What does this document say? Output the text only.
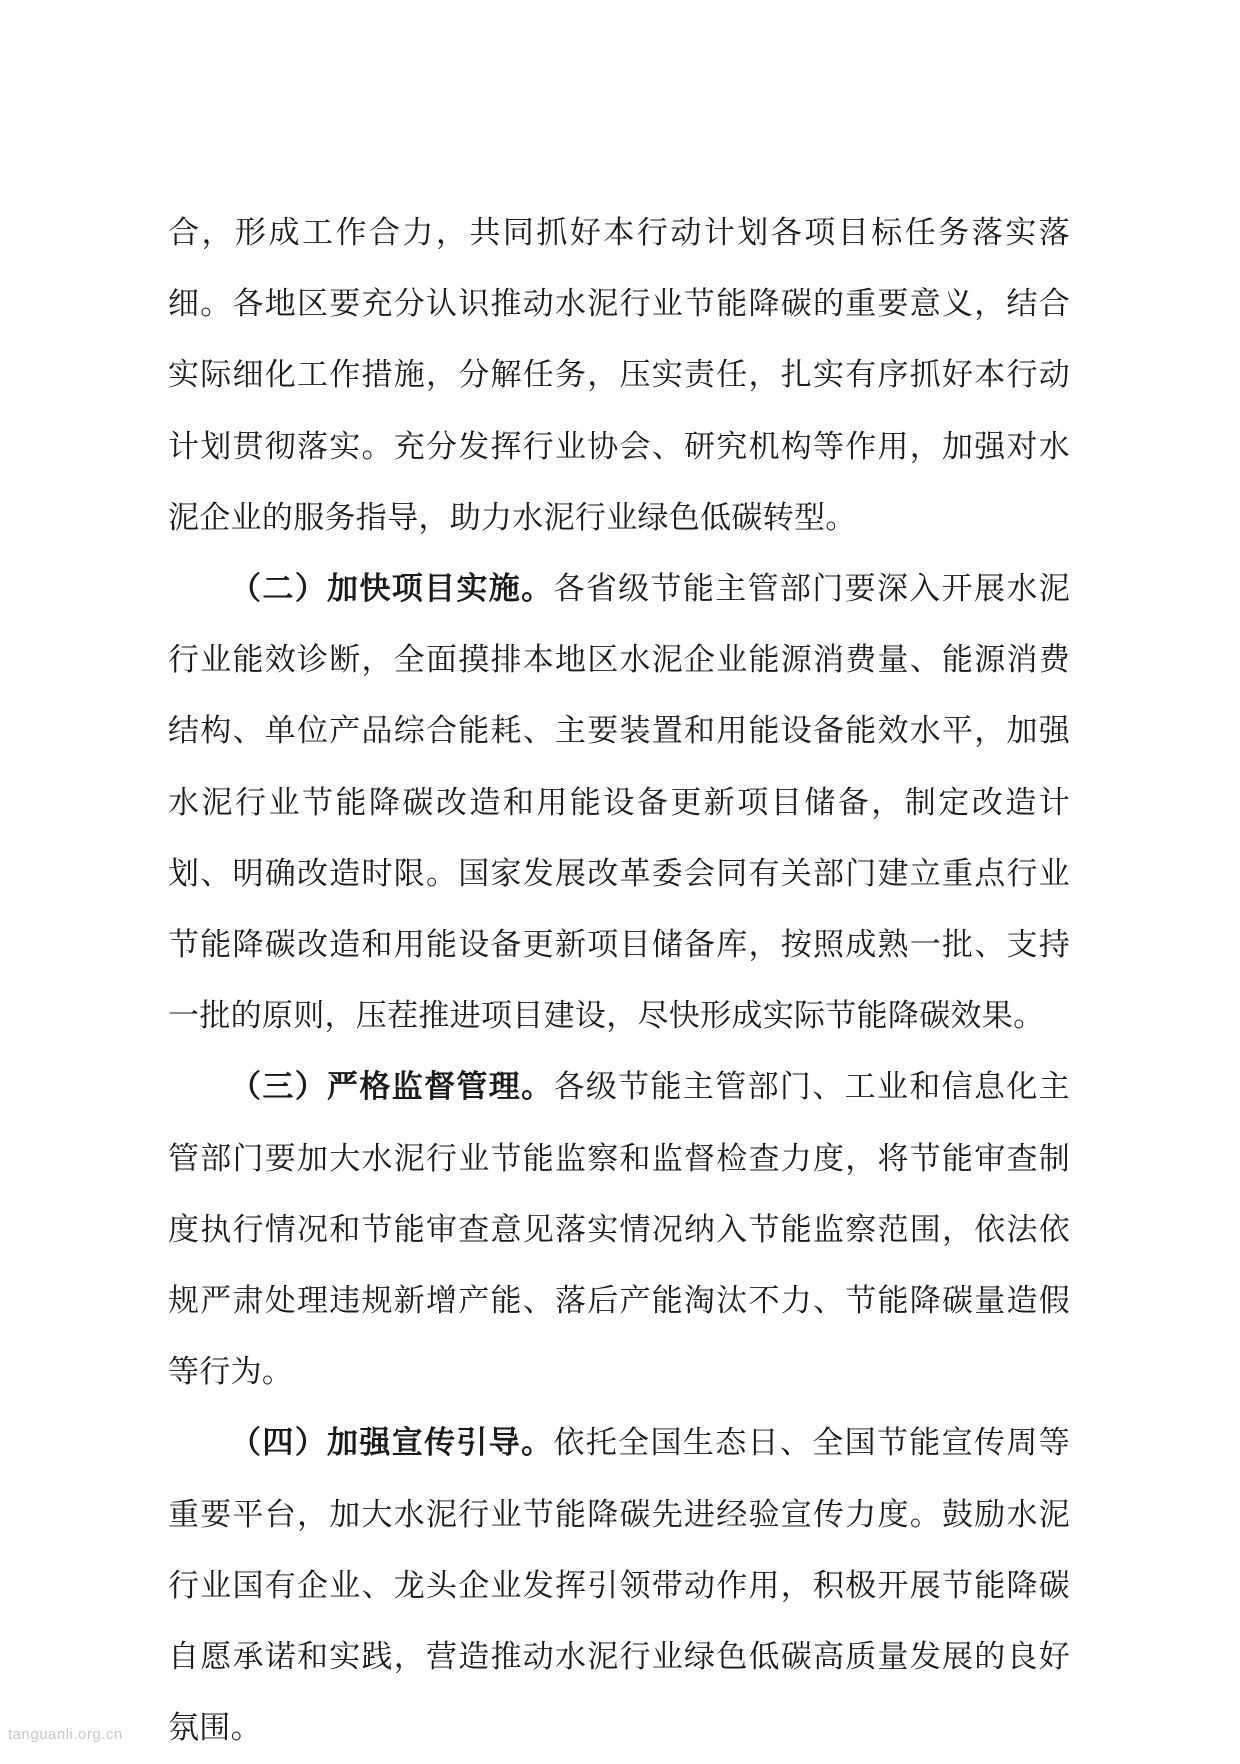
合，形成工作合力，共同抓好本行动计划各项目标任务落实落细。各地区要充分认识推动水泥行业节能降碳的重要意义，结合实际细化工作措施，分解任务，压实责任，扎实有序抓好本行动计划贯彻落实。充分发挥行业协会、研究机构等作用，加强对水泥企业的服务指导，助力水泥行业绿色低碳转型。

（二）加快项目实施。各省级节能主管部门要深入开展水泥行业能效诊断，全面摸排本地区水泥企业能源消费量、能源消费结构、单位产品综合能耗、主要装置和用能设备能效水平，加强水泥行业节能降碳改造和用能设备更新项目储备，制定改造计划、明确改造时限。国家发展改革委会同有关部门建立重点行业节能降碳改造和用能设备更新项目储备库，按照成熟一批、支持一批的原则，压茬推进项目建设，尽快形成实际节能降碳效果。

（三）严格监督管理。各级节能主管部门、工业和信息化主管部门要加大水泥行业节能监察和监督检查力度，将节能审查制度执行情况和节能审查意见落实情况纳入节能监察范围，依法依规严肃处理违规新增产能、落后产能淘汰不力、节能降碳量造假等行为。

（四）加强宣传引导。依托全国生态日、全国节能宣传周等重要平台，加大水泥行业节能降碳先进经验宣传力度。鼓励水泥行业国有企业、龙头企业发挥引领带动作用，积极开展节能降碳自愿承诺和实践，营造推动水泥行业绿色低碳高质量发展的良好氛围。

tanguanli.org.cn
